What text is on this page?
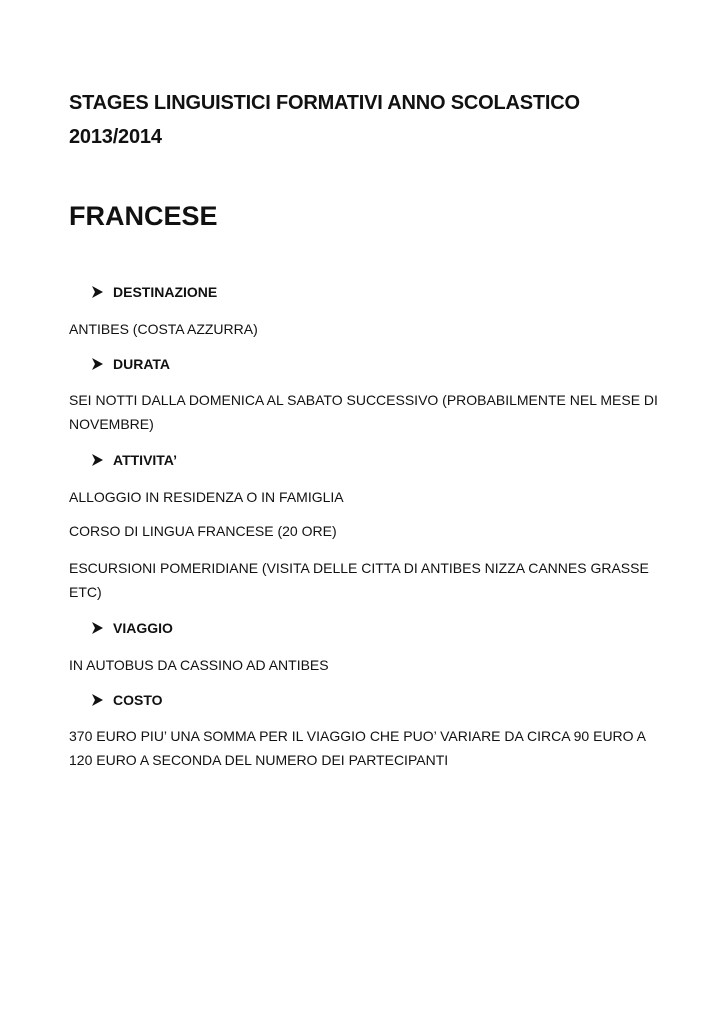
STAGES LINGUISTICI FORMATIVI ANNO SCOLASTICO 2013/2014
FRANCESE
DESTINAZIONE

ANTIBES (COSTA AZZURRA)

DURATA

SEI NOTTI DALLA DOMENICA AL SABATO SUCCESSIVO (PROBABILMENTE NEL MESE DI NOVEMBRE)

ATTIVITA’

ALLOGGIO IN RESIDENZA O IN FAMIGLIA

CORSO DI LINGUA FRANCESE (20 ORE)

ESCURSIONI POMERIDIANE (VISITA DELLE CITTA DI ANTIBES NIZZA CANNES GRASSE ETC)

VIAGGIO

IN AUTOBUS DA CASSINO AD ANTIBES

COSTO

370 EURO PIU’ UNA SOMMA PER IL VIAGGIO CHE PUO’ VARIARE DA CIRCA 90 EURO A 120 EURO A SECONDA DEL NUMERO DEI PARTECIPANTI
